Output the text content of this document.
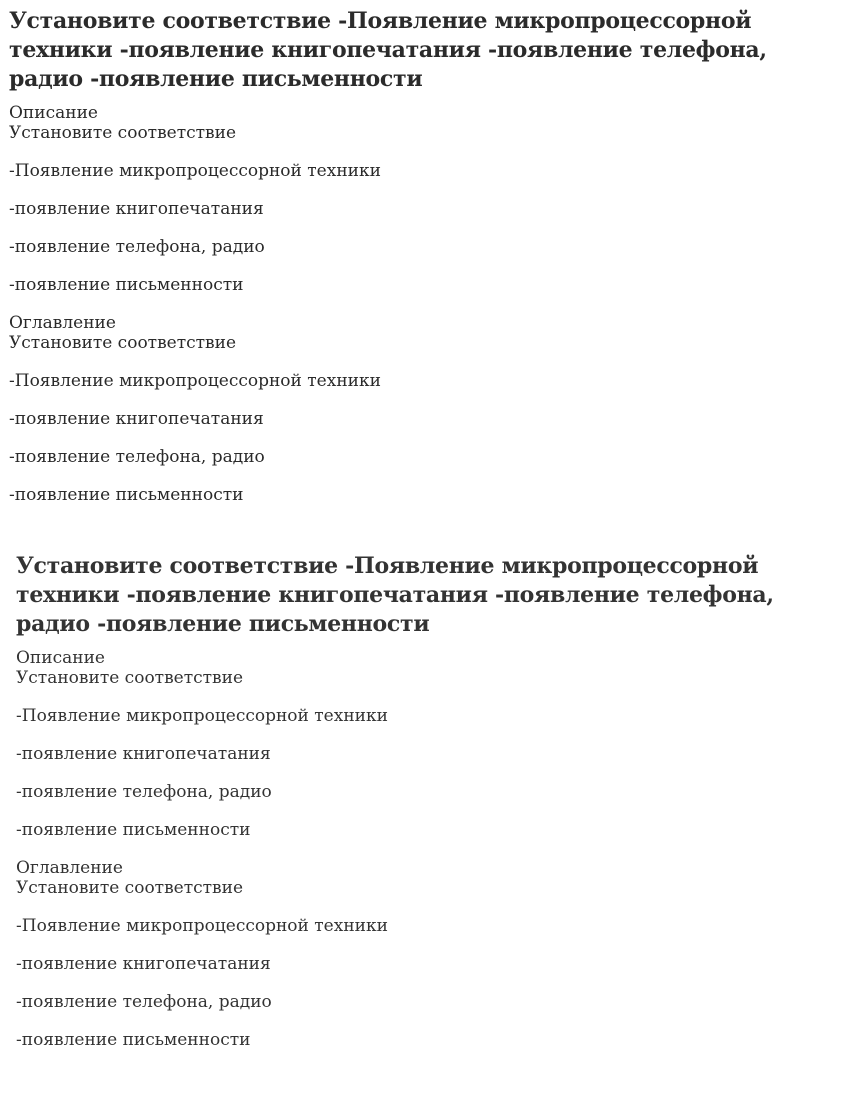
Установите соответствие -Появление микропроцессорной техники -появление книгопечатания -появление телефона, радио -появление письменности
Описание
Установите соответствие
-Появление микропроцессорной техники
-появление книгопечатания
-появление телефона, радио
-появление письменности
Оглавление
Установите соответствие
-Появление микропроцессорной техники
-появление книгопечатания
-появление телефона, радио
-появление письменности
Установите соответствие -Появление микропроцессорной техники -появление книгопечатания -появление телефона, радио -появление письменности
Описание
Установите соответствие
-Появление микропроцессорной техники
-появление книгопечатания
-появление телефона, радио
-появление письменности
Оглавление
Установите соответствие
-Появление микропроцессорной техники
-появление книгопечатания
-появление телефона, радио
-появление письменности
